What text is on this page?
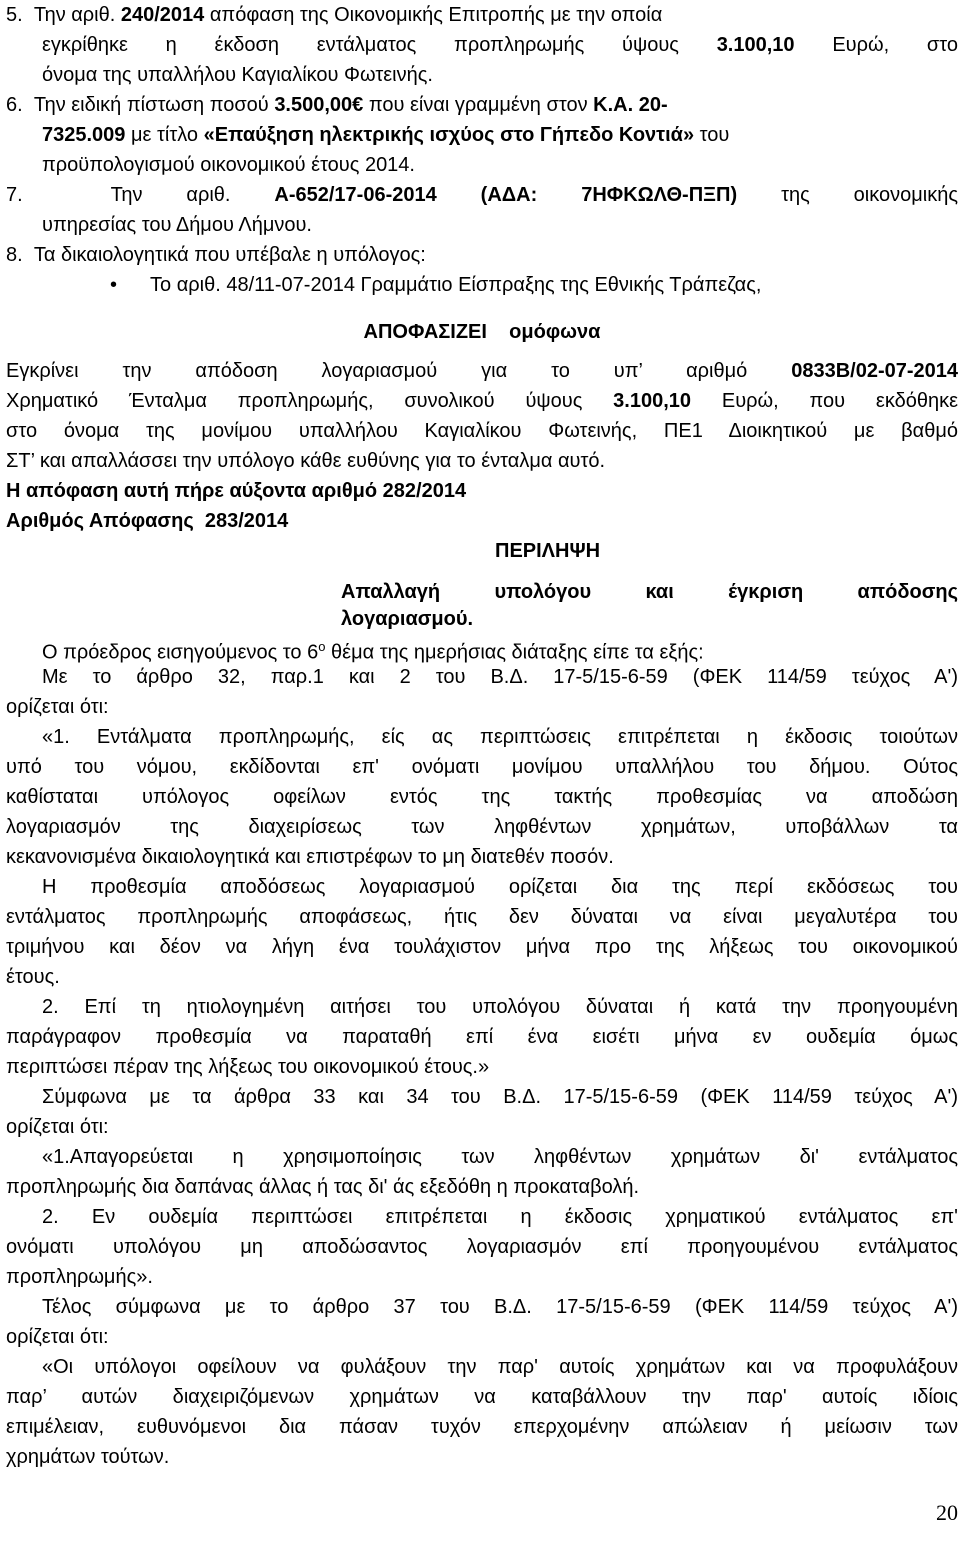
5. Την αριθ. 240/2014 απόφαση της Οικονομικής Επιτροπής με την οποία

εγκρίθηκε η έκδοση εντάλματος προπληρωμής ύψους 3.100,10 Ευρώ, στο

όνομα της υπαλλήλου Καγιαλίκου Φωτεινής.

6. Την ειδική πίστωση ποσού 3.500,00€ που είναι γραμμένη στον Κ.Α. 20-

7325.009 με τίτλο «Επαύξηση ηλεκτρικής ισχύος στο Γήπεδο Κοντιά» του

προϋπολογισμού οικονομικού έτους 2014.

7.	Την αριθ. Α-652/17-06-2014 (ΑΔΑ: 7ΗΦΚΩΛΘ-ΠΞΠ) της οικονομικής

υπηρεσίας του Δήμου Λήμνου.

8. Τα δικαιολογητικά που υπέβαλε η υπόλογος:

• Το αριθ. 48/11-07-2014 Γραμμάτιο Είσπραξης της Εθνικής Τράπεζας,

ΑΠΟΦΑΣΙΖΕΙ    ομόφωνα

Εγκρίνει την απόδοση λογαριασμού για το υπ’ αριθμό 0833Β/02-07-2014

Χρηματικό Ένταλμα προπληρωμής, συνολικού ύψους 3.100,10 Ευρώ, που εκδόθηκε

στο όνομα της μονίμου υπαλλήλου Καγιαλίκου Φωτεινής, ΠΕ1 Διοικητικού με βαθμό

ΣΤ’ και απαλλάσσει την υπόλογο κάθε ευθύνης για το ένταλμα αυτό.

Η απόφαση αυτή πήρε αύξοντα αριθμό 282/2014

Αριθμός Απόφασης  283/2014

ΠΕΡΙΛΗΨΗ

Απαλλαγή υπολόγου και έγκριση απόδοσης

λογαριασμού.

Ο πρόεδρος εισηγούμενος το $6^o$ θέμα της ημερήσιας διάταξης είπε τα εξής:

Με το άρθρο 32, παρ.1 και 2 του Β.Δ. 17-5/15-6-59 (ΦΕΚ 114/59 τεύχος Α')

ορίζεται ότι:

«1. Εντάλματα προπληρωμής, είς ας περιπτώσεις επιτρέπεται η έκδοσις τοιούτων

υπό του νόμου, εκδίδονται επ' ονόματι μονίμου υπαλλήλου του δήμου. Ούτος

καθίσταται υπόλογος οφείλων εντός της τακτής προθεσμίας να αποδώση

λογαριασμόν της διαχειρίσεως των ληφθέντων χρημάτων, υποβάλλων τα

κεκανονισμένα δικαιολογητικά και επιστρέφων το μη διατεθέν ποσόν.

Η προθεσμία αποδόσεως λογαριασμού ορίζεται δια της περί εκδόσεως του

εντάλματος προπληρωμής αποφάσεως, ήτις δεν δύναται να είναι μεγαλυτέρα του

τριμήνου και δέον να λήγη ένα τουλάχιστον μήνα προ της λήξεως του οικονομικού

έτους.

2. Επί τη ητιολογημένη αιτήσει του υπολόγου δύναται ή κατά την προηγουμένη

παράγραφον προθεσμία να παραταθή επί ένα εισέτι μήνα εν ουδεμία όμως

περιπτώσει πέραν της λήξεως του οικονομικού έτους.»

Σύμφωνα με τα άρθρα 33 και 34 του Β.Δ. 17-5/15-6-59 (ΦΕΚ 114/59 τεύχος Α')

ορίζεται ότι:

«1.Απαγορεύεται η χρησιμοποίησις των ληφθέντων χρημάτων δι' εντάλματος

προπληρωμής δια δαπάνας άλλας ή τας δι' άς εξεδόθη η προκαταβολή.

2. Εν ουδεμία περιπτώσει επιτρέπεται η έκδοσις χρηματικού εντάλματος επ'

ονόματι υπολόγου μη αποδώσαντος λογαριασμόν επί προηγουμένου εντάλματος

προπληρωμής».

Τέλος σύμφωνα με το άρθρο 37 του Β.Δ. 17-5/15-6-59 (ΦΕΚ 114/59 τεύχος Α')

ορίζεται ότι:

«Οι υπόλογοι οφείλουν να φυλάξουν την παρ' αυτοίς χρημάτων και να προφυλάξουν

παρ’ αυτών διαχειριζόμενων χρημάτων να καταβάλλουν την παρ' αυτοίς ιδίοις

επιμέλειαν, ευθυνόμενοι δια πάσαν τυχόν επερχομένην απώλειαν ή μείωσιν των

χρημάτων τούτων.

20
